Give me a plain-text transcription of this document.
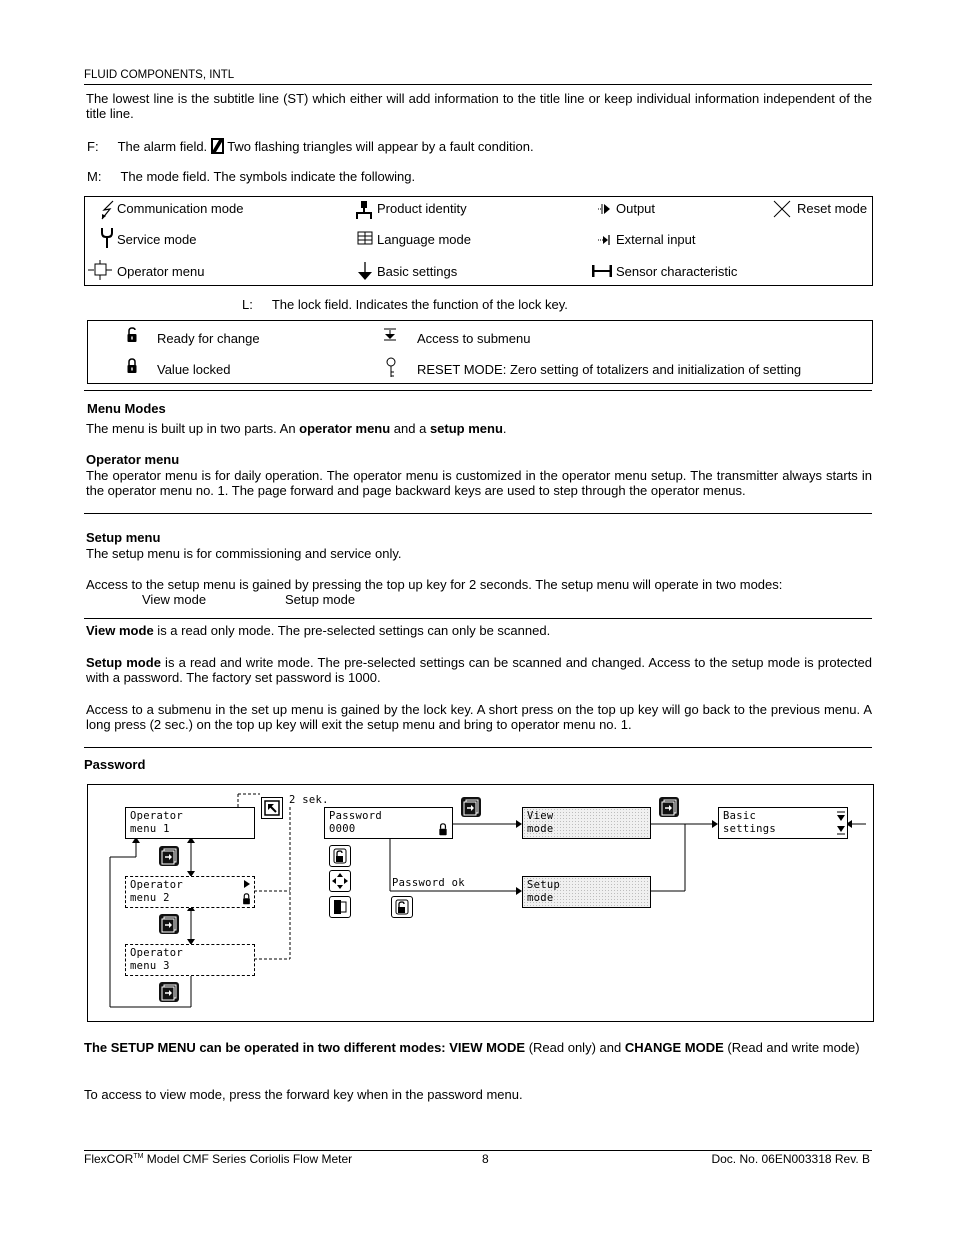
FLUID COMPONENTS, INTL
The lowest line is the subtitle line (ST) which either will add information to the title line or keep individual information independent of the title line.
F: The alarm field. Two flashing triangles will appear by a fault condition.
M: The mode field. The symbols indicate the following.
Communication mode	Product identity	Output	Reset mode
Service mode	Language mode	External input
Operator menu	Basic settings	Sensor characteristic
L: The lock field. Indicates the function of the lock key.
Ready for change	Access to submenu
Value locked	RESET MODE: Zero setting of totalizers and initialization of setting
Menu Modes
The menu is built up in two parts. An operator menu and a setup menu.
Operator menu
The operator menu is for daily operation. The operator menu is customized in the operator menu setup. The transmitter always starts in the operator menu no. 1. The page forward and page backward keys are used to step through the operator menus.
Setup menu
The setup menu is for commissioning and service only.
Access to the setup menu is gained by pressing the top up key for 2 seconds. The setup menu will operate in two modes:
View mode	Setup mode
View mode is a read only mode. The pre-selected settings can only be scanned.
Setup mode is a read and write mode. The pre-selected settings can be scanned and changed. Access to the setup mode is protected with a password. The factory set password is 1000.
Access to a submenu in the set up menu is gained by the lock key. A short press on the top up key will go back to the previous menu. A long press (2 sec.) on the top up key will exit the setup menu and bring to operator menu no. 1.
Password
Operator
menu 1
Operator
menu 2
Operator
menu 3
2 sek.
Password
0000
Password ok
View
mode
Setup
mode
Basic
settings
The SETUP MENU can be operated in two different modes: VIEW MODE (Read only) and CHANGE MODE (Read and write mode)
To access to view mode, press the forward key when in the password menu.
FlexCOR™ Model CMF Series Coriolis Flow Meter	8	Doc. No. 06EN003318 Rev. B
